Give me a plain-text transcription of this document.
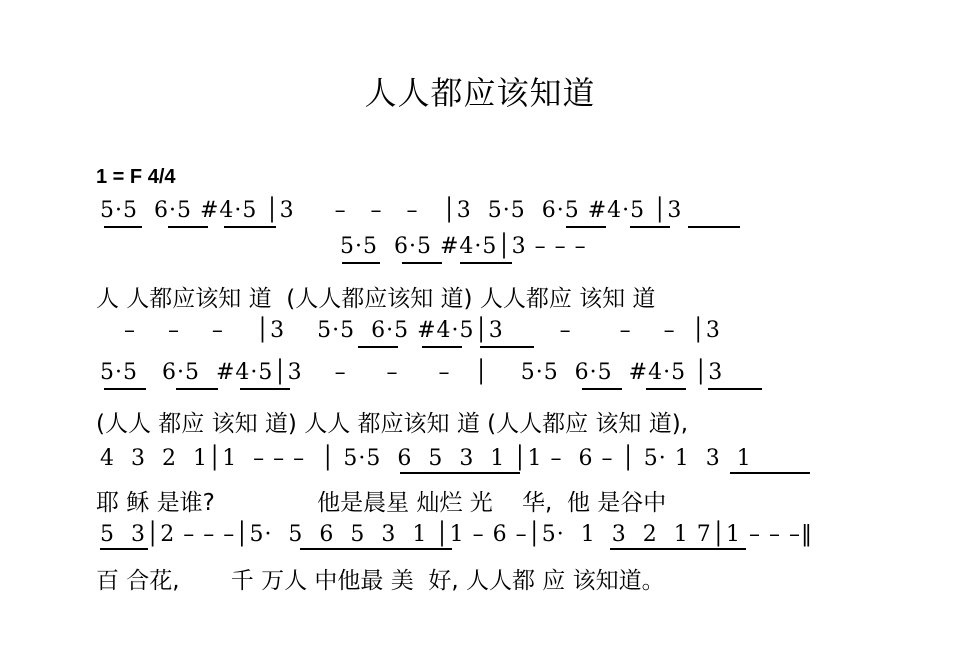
人人都应该知道
1 = F 4/4
5·5  6·5 #4·5 │3     –   –   –   │3  5·5  6·5 #4·5 │3
5·5  6·5 #4·5│3 – – –
人 人都应该知 道  (人人都应该知 道) 人人都应 该知 道
–    –    –    │3    5·5  6·5 #4·5│3       –      –    –  │3
5·5   6·5  #4·5│3    –     –     –   │    5·5  6·5  #4·5 │3
(人人 都应 该知 道) 人人 都应该知 道 (人人都应 该知 道),
4  3  2  1│1  – – –  │ 5·5  6  5  3  1 │1 –  6 – │ 5· 1  3  1
耶 稣 是谁?              他是晨星 灿烂 光    华,  他 是谷中
5  3│2 – – –│5·  5  6  5  3  1 │1 – 6 –│5·  1  3  2  1 7│1 – – –‖
百 合花,       千 万人 中他最 美  好, 人人都 应 该知道。
